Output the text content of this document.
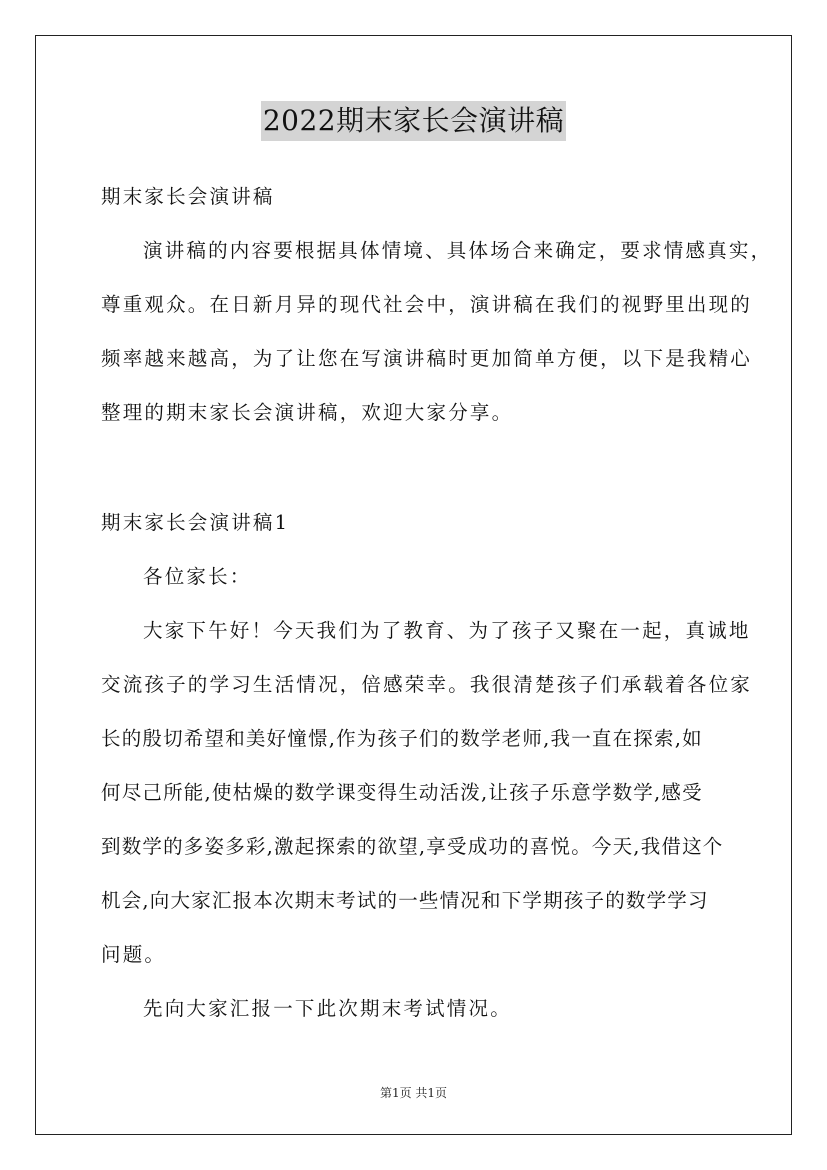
2022期末家长会演讲稿
期末家长会演讲稿
演讲稿的内容要根据具体情境、具体场合来确定，要求情感真实，
尊重观众。在日新月异的现代社会中，演讲稿在我们的视野里出现的
频率越来越高，为了让您在写演讲稿时更加简单方便，以下是我精心
整理的期末家长会演讲稿，欢迎大家分享。
期末家长会演讲稿1
各位家长：
大家下午好！今天我们为了教育、为了孩子又聚在一起，真诚地
交流孩子的学习生活情况，倍感荣幸。我很清楚孩子们承载着各位家
长的殷切希望和美好憧憬,作为孩子们的数学老师,我一直在探索,如
何尽己所能,使枯燥的数学课变得生动活泼,让孩子乐意学数学,感受
到数学的多姿多彩,激起探索的欲望,享受成功的喜悦。今天,我借这个
机会,向大家汇报本次期末考试的一些情况和下学期孩子的数学学习
问题。
先向大家汇报一下此次期末考试情况。
第1页 共1页
